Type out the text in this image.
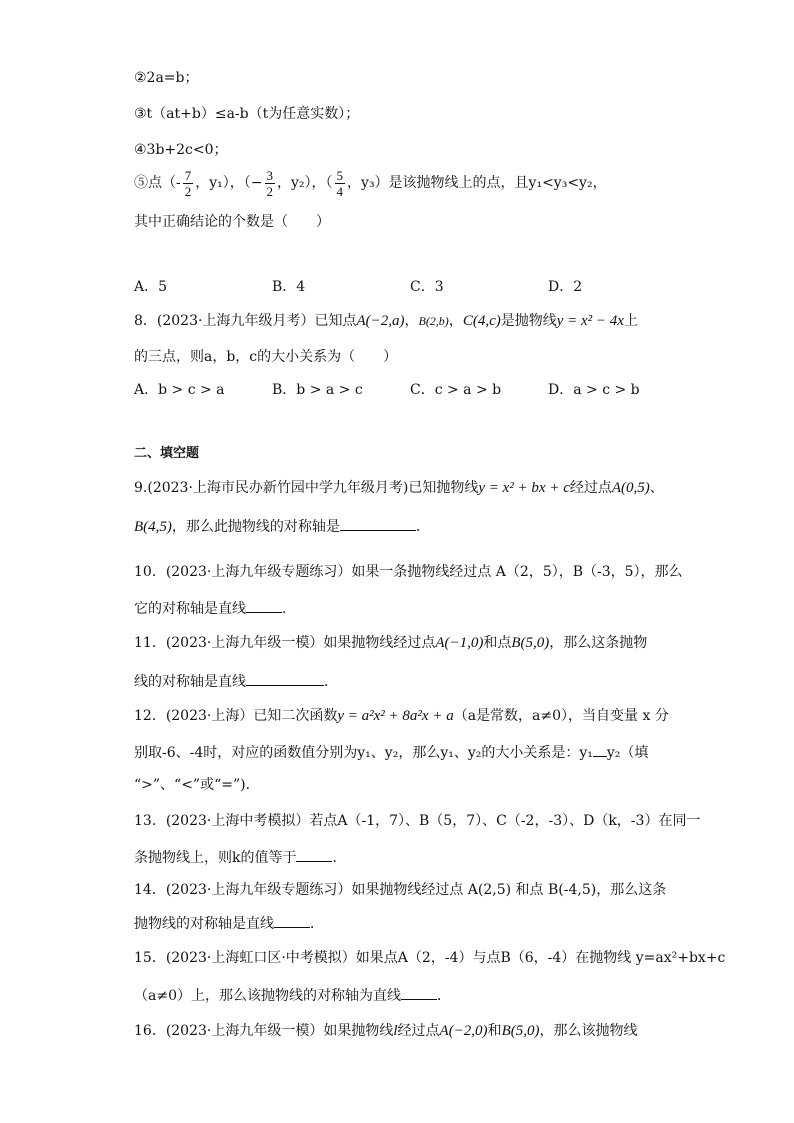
②2a=b；
③t（at+b）≤a-b（t为任意实数）；
④3b+2c<0；
⑤点（- $\frac{7}{2}$ ，y₁），（− $\frac{3}{2}$ ，y₂），（ $\frac{5}{4}$ ，y₃）是该抛物线上的点，且y₁<y₃<y₂，
其中正确结论的个数是（　　）
A．5	B．4	C．3	D．2
8．(2023·上海九年级月考）已知点A(−2,a)，B(2,b)，C(4,c)是抛物线y = x² − 4x上
的三点，则a，b，c的大小关系为（　　）
A．b > c > a	B．b > a > c	C．c > a > b	D．a > c > b
二、填空题
9.(2023·上海市民办新竹园中学九年级月考)已知抛物线y = x² + bx + c经过点A(0,5)、
B(4,5)，那么此抛物线的对称轴是	．
10．(2023·上海九年级专题练习）如果一条抛物线经过点 A（2，5），B（-3，5），那么
它的对称轴是直线	．
11．(2023·上海九年级一模）如果抛物线经过点A(−1,0)和点B(5,0)，那么这条抛物
线的对称轴是直线	．
12．(2023·上海）已知二次函数y = a²x² + 8a²x + a（a是常数，a≠0），当自变量 x 分
别取-6、-4时，对应的函数值分别为y₁、y₂，那么y₁、y₂的大小关系是：y₁ y₂（填
“>”、“<”或“=”)．
13．(2023·上海中考模拟）若点A（-1，7）、B（5，7）、C（-2，-3）、D（k，-3）在同一
条抛物线上，则k的值等于	．
14．(2023·上海九年级专题练习）如果抛物线经过点 A(2,5) 和点 B(-4,5)，那么这条
抛物线的对称轴是直线	．
15．(2023·上海虹口区·中考模拟）如果点A（2，-4）与点B（6，-4）在抛物线 y=ax²+bx+c
（a≠0）上，那么该抛物线的对称轴为直线	．
16．(2023·上海九年级一模）如果抛物线l经过点A(−2,0)和B(5,0)，那么该抛物线
